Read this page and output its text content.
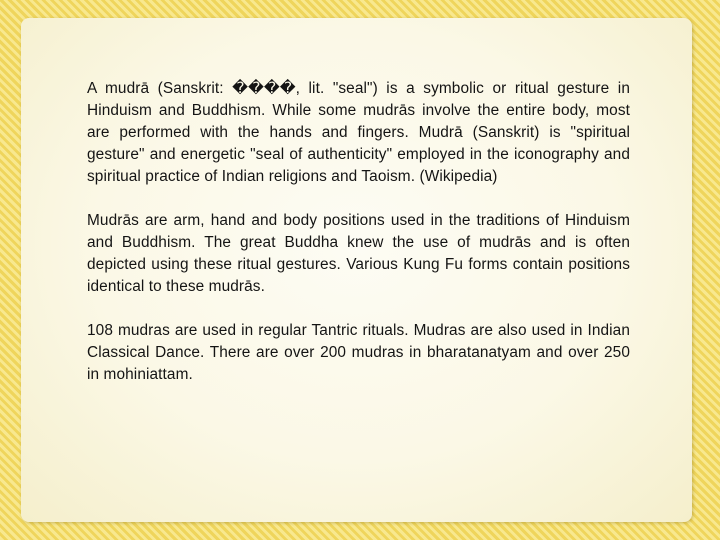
A mudrā (Sanskrit: ����, lit. "seal") is a symbolic or ritual gesture in Hinduism and Buddhism. While some mudrās involve the entire body, most are performed with the hands and fingers. Mudrā (Sanskrit) is "spiritual gesture" and energetic "seal of authenticity" employed in the iconography and spiritual practice of Indian religions and Taoism. (Wikipedia)

Mudrās are arm, hand and body positions used in the traditions of Hinduism and Buddhism. The great Buddha knew the use of mudrās and is often depicted using these ritual gestures. Various Kung Fu forms contain positions identical to these mudrās.

108 mudras are used in regular Tantric rituals. Mudras are also used in Indian Classical Dance. There are over 200 mudras in bharatanatyam and over 250 in mohiniattam.
